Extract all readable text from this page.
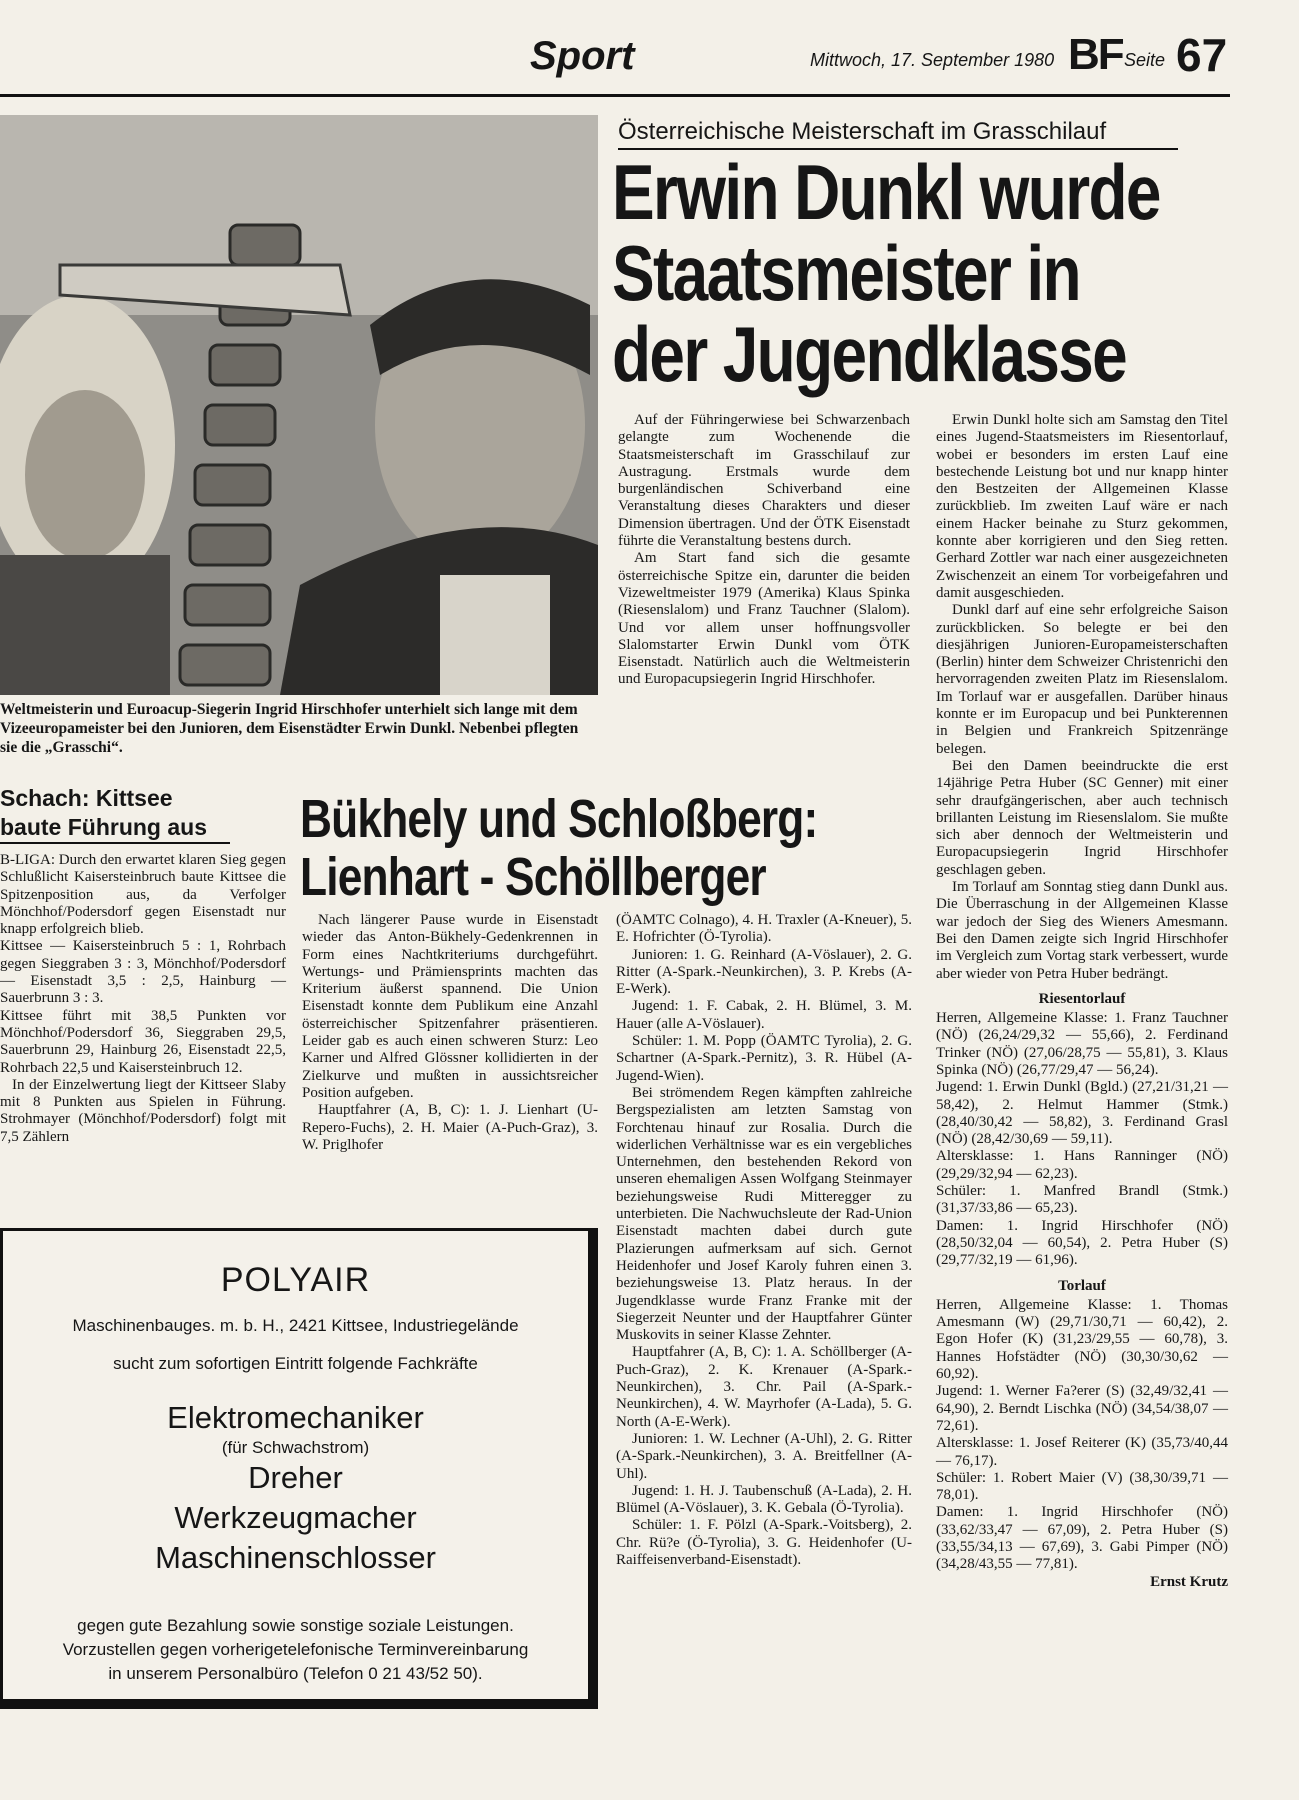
Sport	Mittwoch, 17. September 1980 BF Seite 67
Weltmeisterin und Euroacup-Siegerin Ingrid Hirschhofer unterhielt sich lange mit dem Vizeeuropameister bei den Junioren, dem Eisenstädter Erwin Dunkl. Nebenbei pflegten sie die „Grasschi“.
Österreichische Meisterschaft im Grasschilauf
Erwin Dunkl wurde
Staatsmeister in
der Jugendklasse

Auf der Führingerwiese bei Schwarzenbach gelangte zum Wochenende die Staatsmeisterschaft im Grasschilauf zur Austragung. Erstmals wurde dem burgenländischen Schiverband eine Veranstaltung dieses Charakters und dieser Dimension übertragen. Und der ÖTK Eisenstadt führte die Veranstaltung bestens durch.

Am Start fand sich die gesamte österreichische Spitze ein, darunter die beiden Vizeweltmeister 1979 (Amerika) Klaus Spinka (Riesenslalom) und Franz Tauchner (Slalom). Und vor allem unser hoffnungsvoller Slalomstarter Erwin Dunkl vom ÖTK Eisenstadt. Natürlich auch die Weltmeisterin und Europacupsiegerin Ingrid Hirschhofer.

Erwin Dunkl holte sich am Samstag den Titel eines Jugend-Staatsmeisters im Riesentorlauf, wobei er besonders im ersten Lauf eine bestechende Leistung bot und nur knapp hinter den Bestzeiten der Allgemeinen Klasse zurückblieb. Im zweiten Lauf wäre er nach einem Hacker beinahe zu Sturz gekommen, konnte aber korrigieren und den Sieg retten. Gerhard Zottler war nach einer ausgezeichneten Zwischenzeit an einem Tor vorbeigefahren und damit ausgeschieden.

Dunkl darf auf eine sehr erfolgreiche Saison zurückblicken. So belegte er bei den diesjährigen Junioren-Europameisterschaften (Berlin) hinter dem Schweizer Christenrichi den hervorragenden zweiten Platz im Riesenslalom. Im Torlauf war er ausgefallen. Darüber hinaus konnte er im Europacup und bei Punkterennen in Belgien und Frankreich Spitzenränge belegen.

Bei den Damen beeindruckte die erst 14jährige Petra Huber (SC Genner) mit einer sehr draufgängerischen, aber auch technisch brillanten Leistung im Riesenslalom. Sie mußte sich aber dennoch der Weltmeisterin und Europacupsiegerin Ingrid Hirschhofer geschlagen geben.

Im Torlauf am Sonntag stieg dann Dunkl aus. Die Überraschung in der Allgemeinen Klasse war jedoch der Sieg des Wieners Amesmann. Bei den Damen zeigte sich Ingrid Hirschhofer im Vergleich zum Vortag stark verbessert, wurde aber wieder von Petra Huber bedrängt.

Riesentorlauf

Herren, Allgemeine Klasse: 1. Franz Tauchner (NÖ) (26,24/29,32 — 55,66), 2. Ferdinand Trinker (NÖ) (27,06/28,75 — 55,81), 3. Klaus Spinka (NÖ) (26,77/29,47 — 56,24).

Jugend: 1. Erwin Dunkl (Bgld.) (27,21/31,21 — 58,42), 2. Helmut Hammer (Stmk.) (28,40/30,42 — 58,82), 3. Ferdinand Grasl (NÖ) (28,42/30,69 — 59,11).

Altersklasse: 1. Hans Ranninger (NÖ) (29,29/32,94 — 62,23).

Schüler: 1. Manfred Brandl (Stmk.) (31,37/33,86 — 65,23).

Damen: 1. Ingrid Hirschhofer (NÖ) (28,50/32,04 — 60,54), 2. Petra Huber (S) (29,77/32,19 — 61,96).

Torlauf

Herren, Allgemeine Klasse: 1. Thomas Amesmann (W) (29,71/30,71 — 60,42), 2. Egon Hofer (K) (31,23/29,55 — 60,78), 3. Hannes Hofstädter (NÖ) (30,30/30,62 — 60,92).

Jugend: 1. Werner Fa?erer (S) (32,49/32,41 — 64,90), 2. Berndt Lischka (NÖ) (34,54/38,07 — 72,61).

Altersklasse: 1. Josef Reiterer (K) (35,73/40,44 — 76,17).

Schüler: 1. Robert Maier (V) (38,30/39,71 — 78,01).

Damen: 1. Ingrid Hirschhofer (NÖ) (33,62/33,47 — 67,09), 2. Petra Huber (S) (33,55/34,13 — 67,69), 3. Gabi Pimper (NÖ) (34,28/43,55 — 77,81).

Ernst Krutz

Schach: Kittsee
baute Führung aus

B-LIGA: Durch den erwartet klaren Sieg gegen Schlußlicht Kaisersteinbruch baute Kittsee die Spitzenposition aus, da Verfolger Mönchhof/Podersdorf gegen Eisenstadt nur knapp erfolgreich blieb.

Kittsee — Kaisersteinbruch 5 : 1, Rohrbach gegen Sieggraben 3 : 3, Mönchhof/Podersdorf — Eisenstadt 3,5 : 2,5, Hainburg — Sauerbrunn 3 : 3.

Kittsee führt mit 38,5 Punkten vor Mönchhof/Podersdorf 36, Sieggraben 29,5, Sauerbrunn 29, Hainburg 26, Eisenstadt 22,5, Rohrbach 22,5 und Kaisersteinbruch 12.

In der Einzelwertung liegt der Kittseer Slaby mit 8 Punkten aus Spielen in Führung. Strohmayer (Mönchhof/Podersdorf) folgt mit 7,5 Zählern

Bükhely und Schloßberg:
Lienhart - Schöllberger

Nach längerer Pause wurde in Eisenstadt wieder das Anton-Bükhely-Gedenkrennen in Form eines Nachtkriteriums durchgeführt. Wertungs- und Prämiensprints machten das Kriterium äußerst spannend. Die Union Eisenstadt konnte dem Publikum eine Anzahl österreichischer Spitzenfahrer präsentieren. Leider gab es auch einen schweren Sturz: Leo Karner und Alfred Glössner kollidierten in der Zielkurve und mußten in aussichtsreicher Position aufgeben.

Hauptfahrer (A, B, C): 1. J. Lienhart (U-Repero-Fuchs), 2. H. Maier (A-Puch-Graz), 3. W. Priglhofer

(ÖAMTC Colnago), 4. H. Traxler (A-Kneuer), 5. E. Hofrichter (Ö-Tyrolia).

Junioren: 1. G. Reinhard (A-Vöslauer), 2. G. Ritter (A-Spark.-Neunkirchen), 3. P. Krebs (A-E-Werk).

Jugend: 1. F. Cabak, 2. H. Blümel, 3. M. Hauer (alle A-Vöslauer).

Schüler: 1. M. Popp (ÖAMTC Tyrolia), 2. G. Schartner (A-Spark.-Pernitz), 3. R. Hübel (A-Jugend-Wien).

Bei strömendem Regen kämpften zahlreiche Bergspezialisten am letzten Samstag von Forchtenau hinauf zur Rosalia. Durch die widerlichen Verhältnisse war es ein vergebliches Unternehmen, den bestehenden Rekord von unseren ehemaligen Assen Wolfgang Steinmayer beziehungsweise Rudi Mitteregger zu unterbieten. Die Nachwuchsleute der Rad-Union Eisenstadt machten dabei durch gute Plazierungen aufmerksam auf sich. Gernot Heidenhofer und Josef Karoly fuhren einen 3. beziehungsweise 13. Platz heraus. In der Jugendklasse wurde Franz Franke mit der Siegerzeit Neunter und der Hauptfahrer Günter Muskovits in seiner Klasse Zehnter.

Hauptfahrer (A, B, C): 1. A. Schöllberger (A-Puch-Graz), 2. K. Krenauer (A-Spark.-Neunkirchen), 3. Chr. Pail (A-Spark.-Neunkirchen), 4. W. Mayrhofer (A-Lada), 5. G. North (A-E-Werk).

Junioren: 1. W. Lechner (A-Uhl), 2. G. Ritter (A-Spark.-Neunkirchen), 3. A. Breitfellner (A-Uhl).

Jugend: 1. H. J. Taubenschuß (A-Lada), 2. H. Blümel (A-Vöslauer), 3. K. Gebala (Ö-Tyrolia).

Schüler: 1. F. Pölzl (A-Spark.-Voitsberg), 2. Chr. Rü?e (Ö-Tyrolia), 3. G. Heidenhofer (U-Raiffeisenverband-Eisenstadt).

POLYAIR
Maschinenbauges. m. b. H., 2421 Kittsee, Industriegelände
sucht zum sofortigen Eintritt folgende Fachkräfte
Elektromechaniker
(für Schwachstrom)
Dreher
Werkzeugmacher
Maschinenschlosser
gegen gute Bezahlung sowie sonstige soziale Leistungen.
Vorzustellen gegen vorherigetelefonische Terminvereinbarung
in unserem Personalbüro (Telefon 0 21 43/52 50).
